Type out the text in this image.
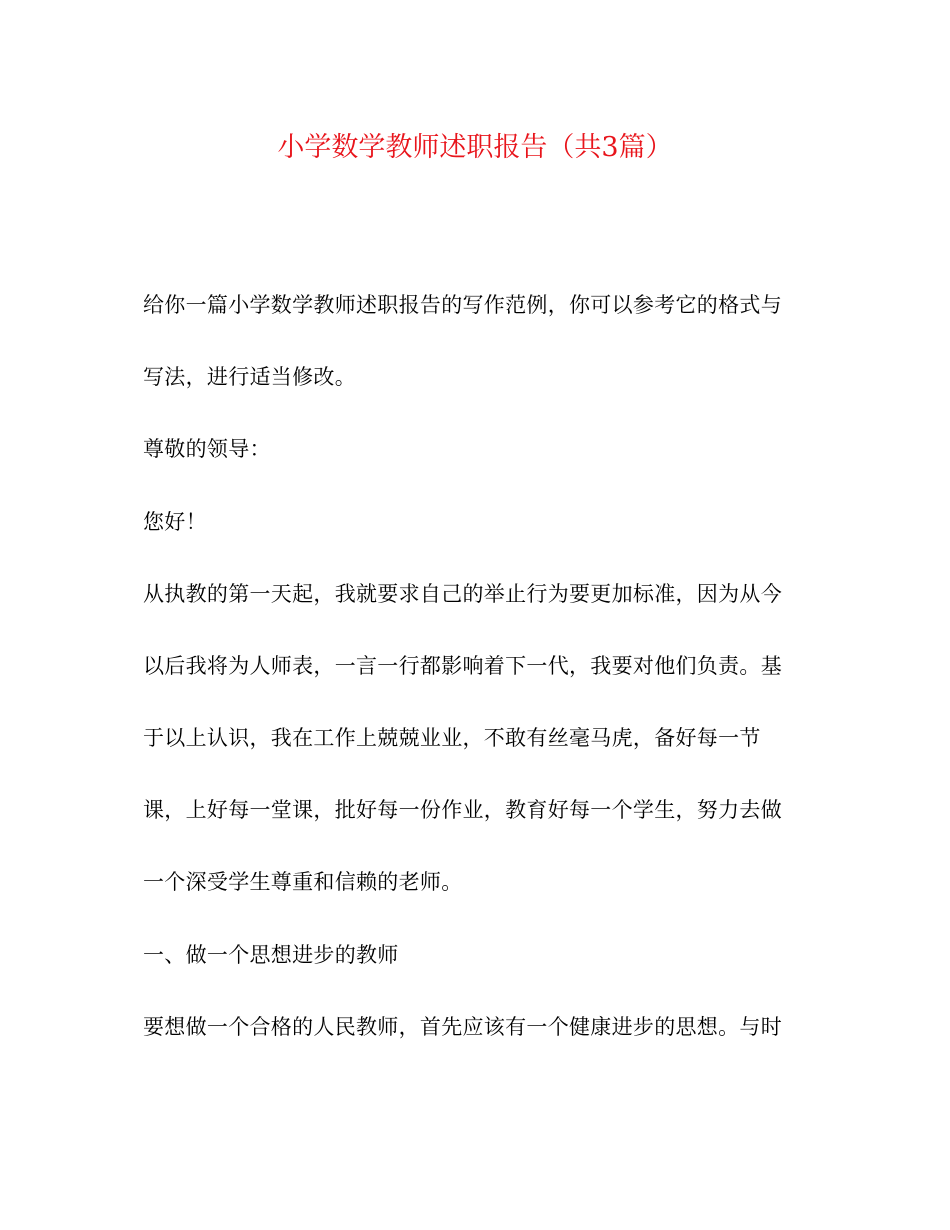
小学数学教师述职报告（共3篇）
给你一篇小学数学教师述职报告的写作范例，你可以参考它的格式与
写法，进行适当修改。
尊敬的领导：
您好！
从执教的第一天起，我就要求自己的举止行为要更加标准，因为从今
以后我将为人师表，一言一行都影响着下一代，我要对他们负责。基
于以上认识，我在工作上兢兢业业，不敢有丝毫马虎，备好每一节
课，上好每一堂课，批好每一份作业，教育好每一个学生，努力去做
一个深受学生尊重和信赖的老师。
一、做一个思想进步的教师
要想做一个合格的人民教师，首先应该有一个健康进步的思想。与时
